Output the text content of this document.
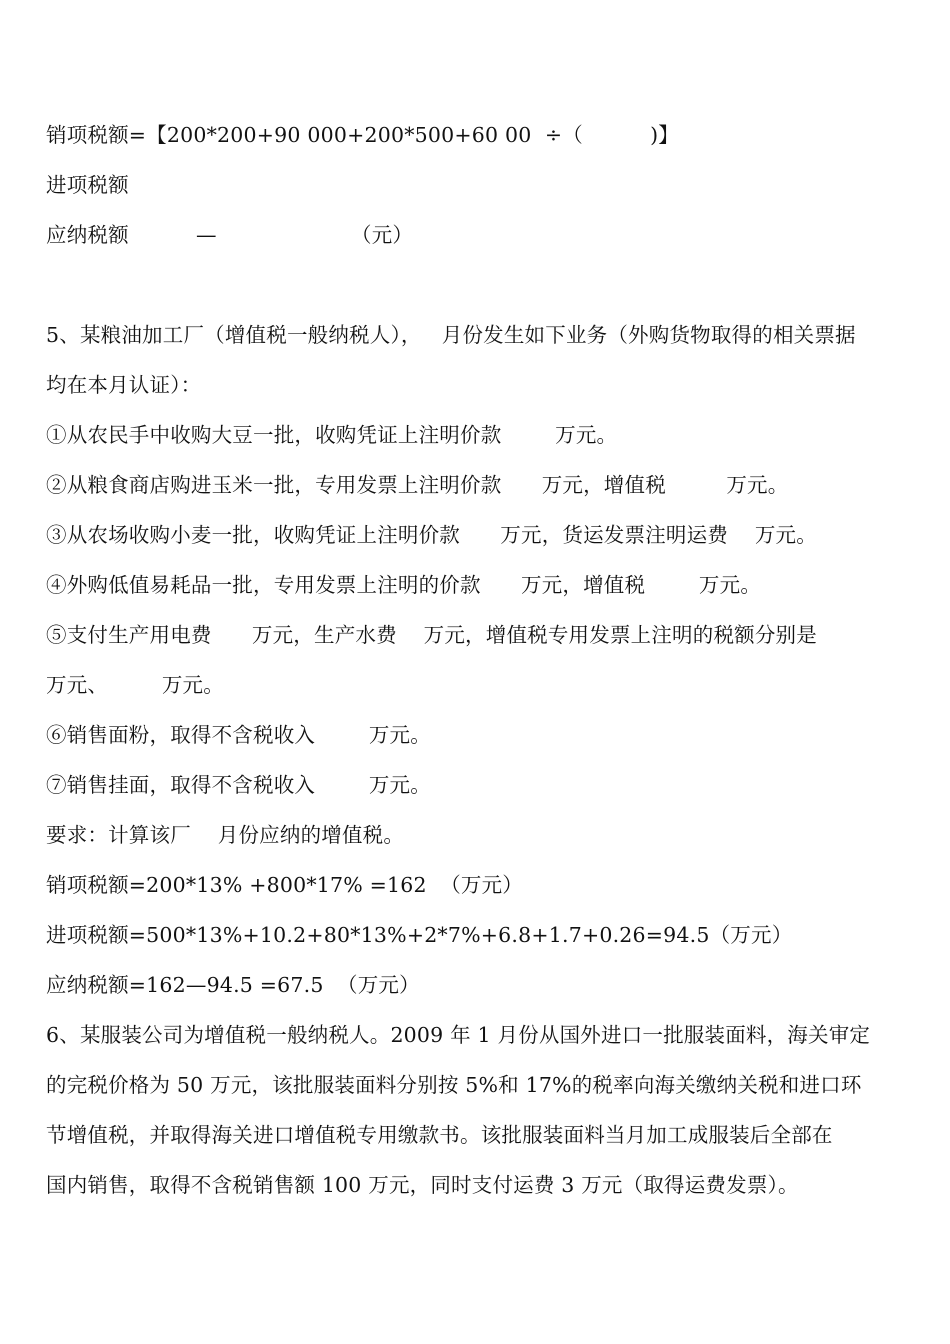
销项税额=【200*200+90 000+200*500+60 00  ÷（          )】
进项税额
应纳税额          —                    （元）
5、某粮油加工厂（增值税一般纳税人），   月份发生如下业务（外购货物取得的相关票据
均在本月认证）：
①从农民手中收购大豆一批，收购凭证上注明价款        万元。
②从粮食商店购进玉米一批，专用发票上注明价款      万元，增值税         万元。
③从农场收购小麦一批，收购凭证上注明价款      万元，货运发票注明运费    万元。
④外购低值易耗品一批，专用发票上注明的价款      万元，增值税        万元。
⑤支付生产用电费      万元，生产水费    万元，增值税专用发票上注明的税额分别是
万元、        万元。
⑥销售面粉，取得不含税收入        万元。
⑦销售挂面，取得不含税收入        万元。
要求：计算该厂    月份应纳的增值税。
销项税额=200*13% +800*17% =162  （万元）
进项税额=500*13%+10.2+80*13%+2*7%+6.8+1.7+0.26=94.5（万元）
应纳税额=162—94.5 =67.5  （万元）
6、某服装公司为增值税一般纳税人。2009 年 1 月份从国外进口一批服装面料，海关审定
的完税价格为 50 万元，该批服装面料分别按 5%和 17%的税率向海关缴纳关税和进口环
节增值税，并取得海关进口增值税专用缴款书。该批服装面料当月加工成服装后全部在
国内销售，取得不含税销售额 100 万元，同时支付运费 3 万元（取得运费发票）。
